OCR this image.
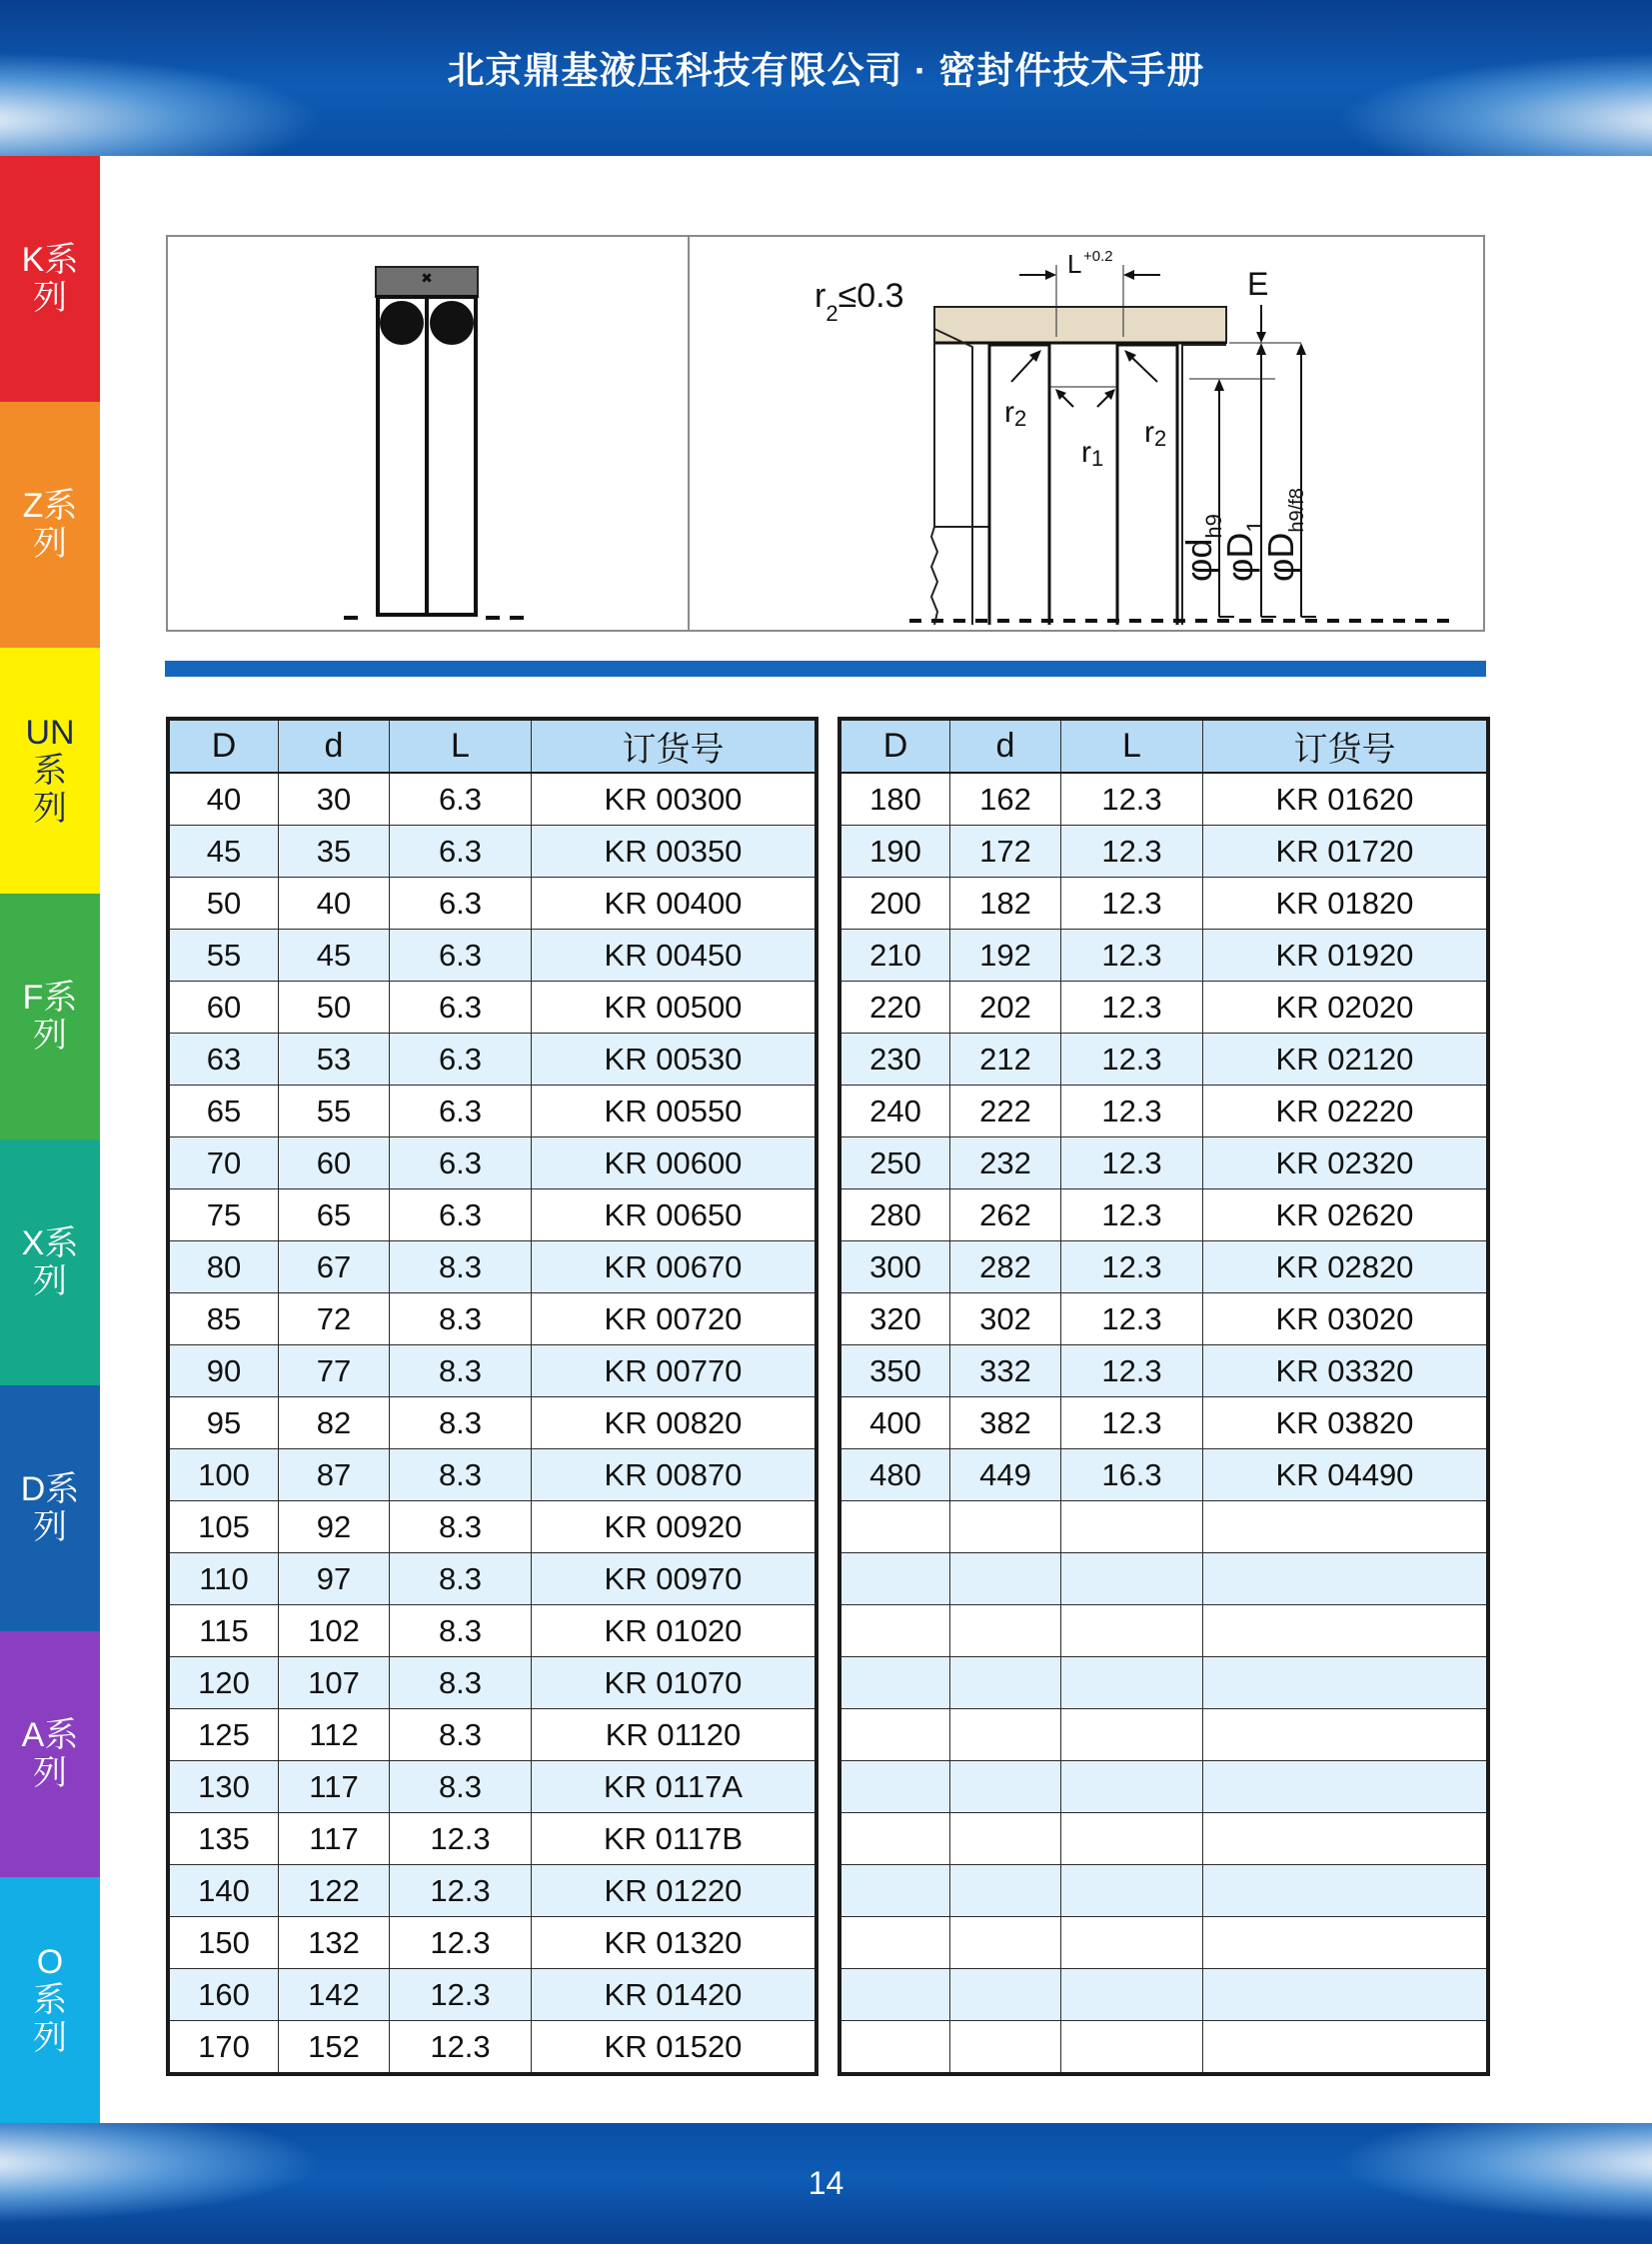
北京鼎基液压科技有限公司 · 密封件技术手册
K系列
Z系列
UN系列
F系列
X系列
D系列
A系列
O系列
✖	L +0.2
E
$r_2\le 0.3$
r2	r2
r1
$\varphi d_{h9}$
$\varphi D_1$
$\varphi D_{h9/f8}$
D	d	L	订货号
40	30	6.3	KR 00300
45	35	6.3	KR 00350
50	40	6.3	KR 00400
55	45	6.3	KR 00450
60	50	6.3	KR 00500
63	53	6.3	KR 00530
65	55	6.3	KR 00550
70	60	6.3	KR 00600
75	65	6.3	KR 00650
80	67	8.3	KR 00670
85	72	8.3	KR 00720
90	77	8.3	KR 00770
95	82	8.3	KR 00820
100	87	8.3	KR 00870
105	92	8.3	KR 00920
110	97	8.3	KR 00970
115	102	8.3	KR 01020
120	107	8.3	KR 01070
125	112	8.3	KR 01120
130	117	8.3	KR 0117A
135	117	12.3	KR 0117B
140	122	12.3	KR 01220
150	132	12.3	KR 01320
160	142	12.3	KR 01420
170	152	12.3	KR 01520
D	d	L	订货号
180	162	12.3	KR 01620
190	172	12.3	KR 01720
200	182	12.3	KR 01820
210	192	12.3	KR 01920
220	202	12.3	KR 02020
230	212	12.3	KR 02120
240	222	12.3	KR 02220
250	232	12.3	KR 02320
280	262	12.3	KR 02620
300	282	12.3	KR 02820
320	302	12.3	KR 03020
350	332	12.3	KR 03320
400	382	12.3	KR 03820
480	449	16.3	KR 04490

14
